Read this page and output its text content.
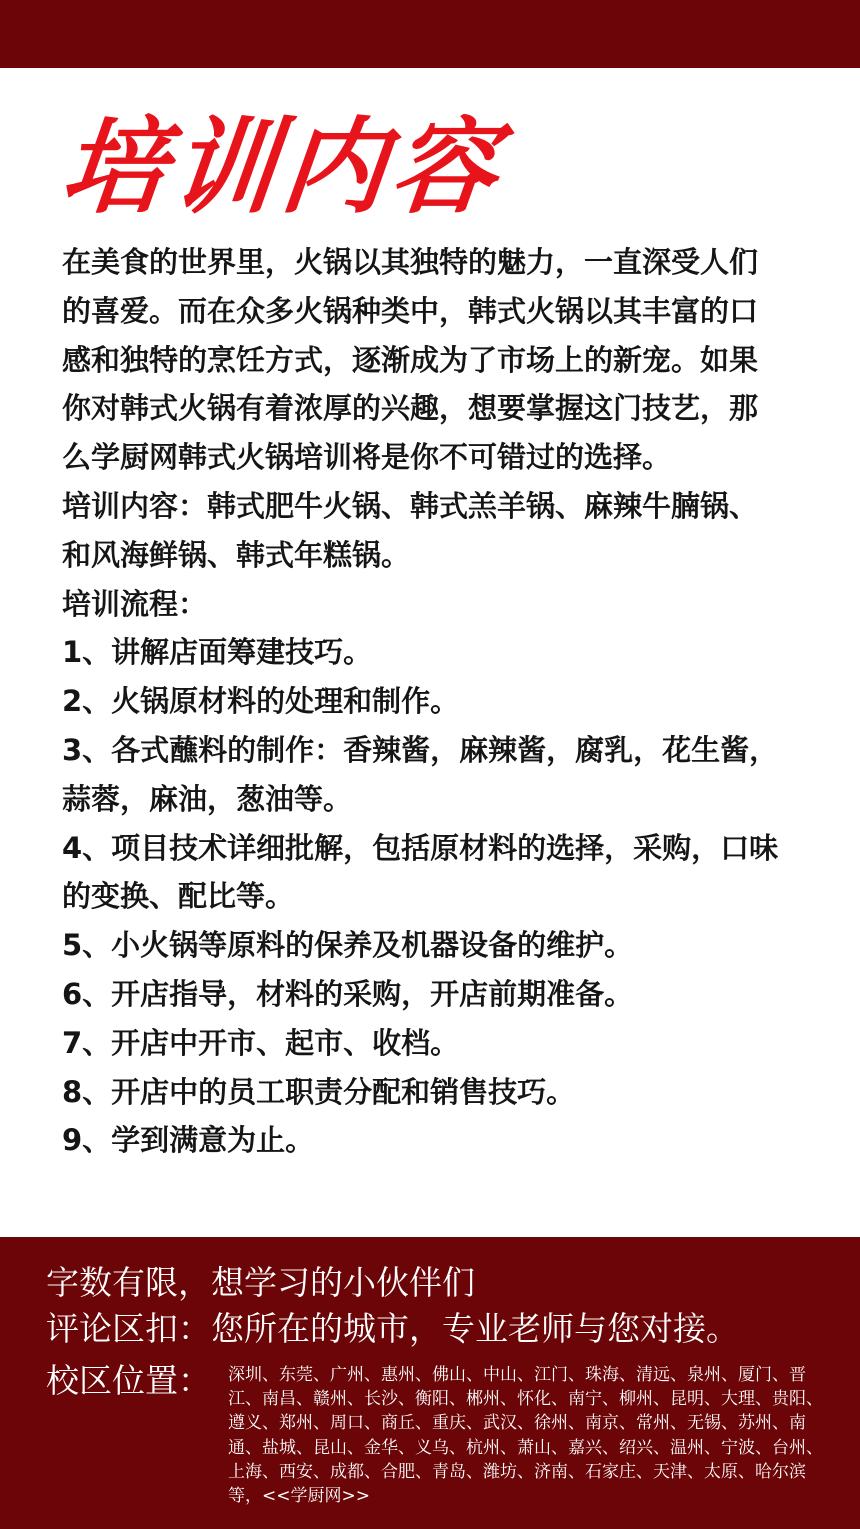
培训内容

在美食的世界里，火锅以其独特的魅力，一直深受人们的喜爱。而在众多火锅种类中，韩式火锅以其丰富的口感和独特的烹饪方式，逐渐成为了市场上的新宠。如果你对韩式火锅有着浓厚的兴趣，想要掌握这门技艺，那么学厨网韩式火锅培训将是你不可错过的选择。

培训内容：韩式肥牛火锅、韩式羔羊锅、麻辣牛腩锅、和风海鲜锅、韩式年糕锅。

培训流程：

1、讲解店面筹建技巧。

2、火锅原材料的处理和制作。

3、各式蘸料的制作：香辣酱，麻辣酱，腐乳，花生酱，蒜蓉，麻油，葱油等。

4、项目技术详细批解，包括原材料的选择，采购，口味的变换、配比等。

5、小火锅等原料的保养及机器设备的维护。

6、开店指导，材料的采购，开店前期准备。

7、开店中开市、起市、收档。

8、开店中的员工职责分配和销售技巧。

9、学到满意为止。

字数有限，想学习的小伙伴们
评论区扣：您所在的城市，专业老师与您对接。
校区位置： 深圳、东莞、广州、惠州、佛山、中山、江门、珠海、清远、泉州、厦门、晋江、南昌、赣州、长沙、衡阳、郴州、怀化、南宁、柳州、昆明、大理、贵阳、遵义、郑州、周口、商丘、重庆、武汉、徐州、南京、常州、无锡、苏州、南通、盐城、昆山、金华、义乌、杭州、萧山、嘉兴、绍兴、温州、宁波、台州、上海、西安、成都、合肥、青岛、潍坊、济南、石家庄、天津、太原、哈尔滨等，<<学厨网>>
